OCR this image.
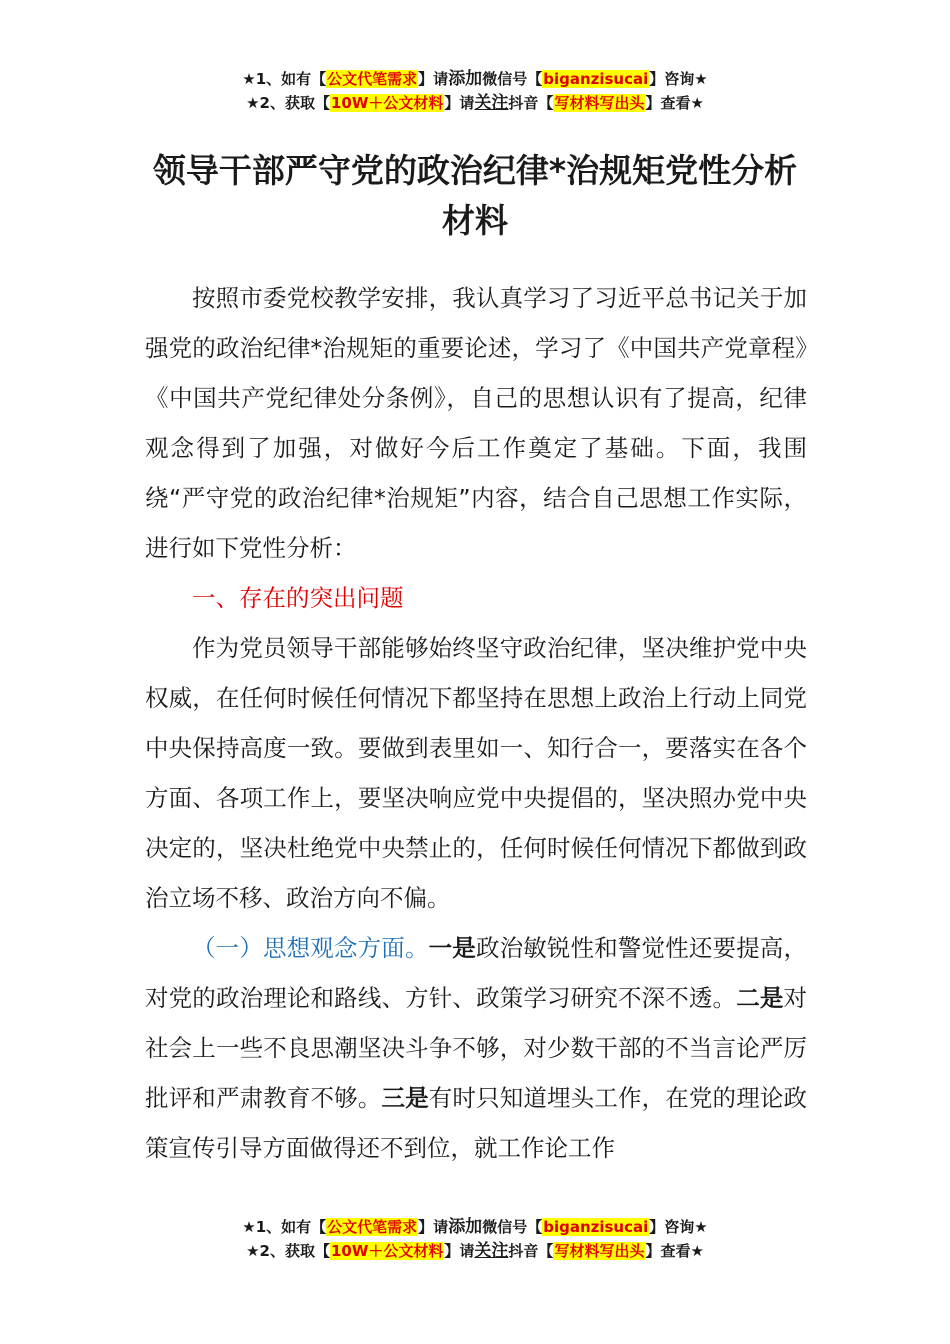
★1、如有【公文代笔需求】请添加微信号【biganzisucai】咨询★
★2、获取【10W＋公文材料】请关注抖音【写材料写出头】查看★
领导干部严守党的政治纪律*治规矩党性分析材料

按照市委党校教学安排，我认真学习了习近平总书记关于加强党的政治纪律*治规矩的重要论述，学习了《中国共产党章程》《中国共产党纪律处分条例》，自己的思想认识有了提高，纪律观念得到了加强，对做好今后工作奠定了基础。下面，我围绕“严守党的政治纪律*治规矩”内容，结合自己思想工作实际，进行如下党性分析：

一、存在的突出问题

作为党员领导干部能够始终坚守政治纪律，坚决维护党中央权威，在任何时候任何情况下都坚持在思想上政治上行动上同党中央保持高度一致。要做到表里如一、知行合一，要落实在各个方面、各项工作上，要坚决响应党中央提倡的，坚决照办党中央决定的，坚决杜绝党中央禁止的，任何时候任何情况下都做到政治立场不移、政治方向不偏。

（一）思想观念方面。一是政治敏锐性和警觉性还要提高，对党的政治理论和路线、方针、政策学习研究不深不透。二是对社会上一些不良思潮坚决斗争不够，对少数干部的不当言论严厉批评和严肃教育不够。三是有时只知道埋头工作，在党的理论政策宣传引导方面做得还不到位，就工作论工作

★1、如有【公文代笔需求】请添加微信号【biganzisucai】咨询★
★2、获取【10W＋公文材料】请关注抖音【写材料写出头】查看★
